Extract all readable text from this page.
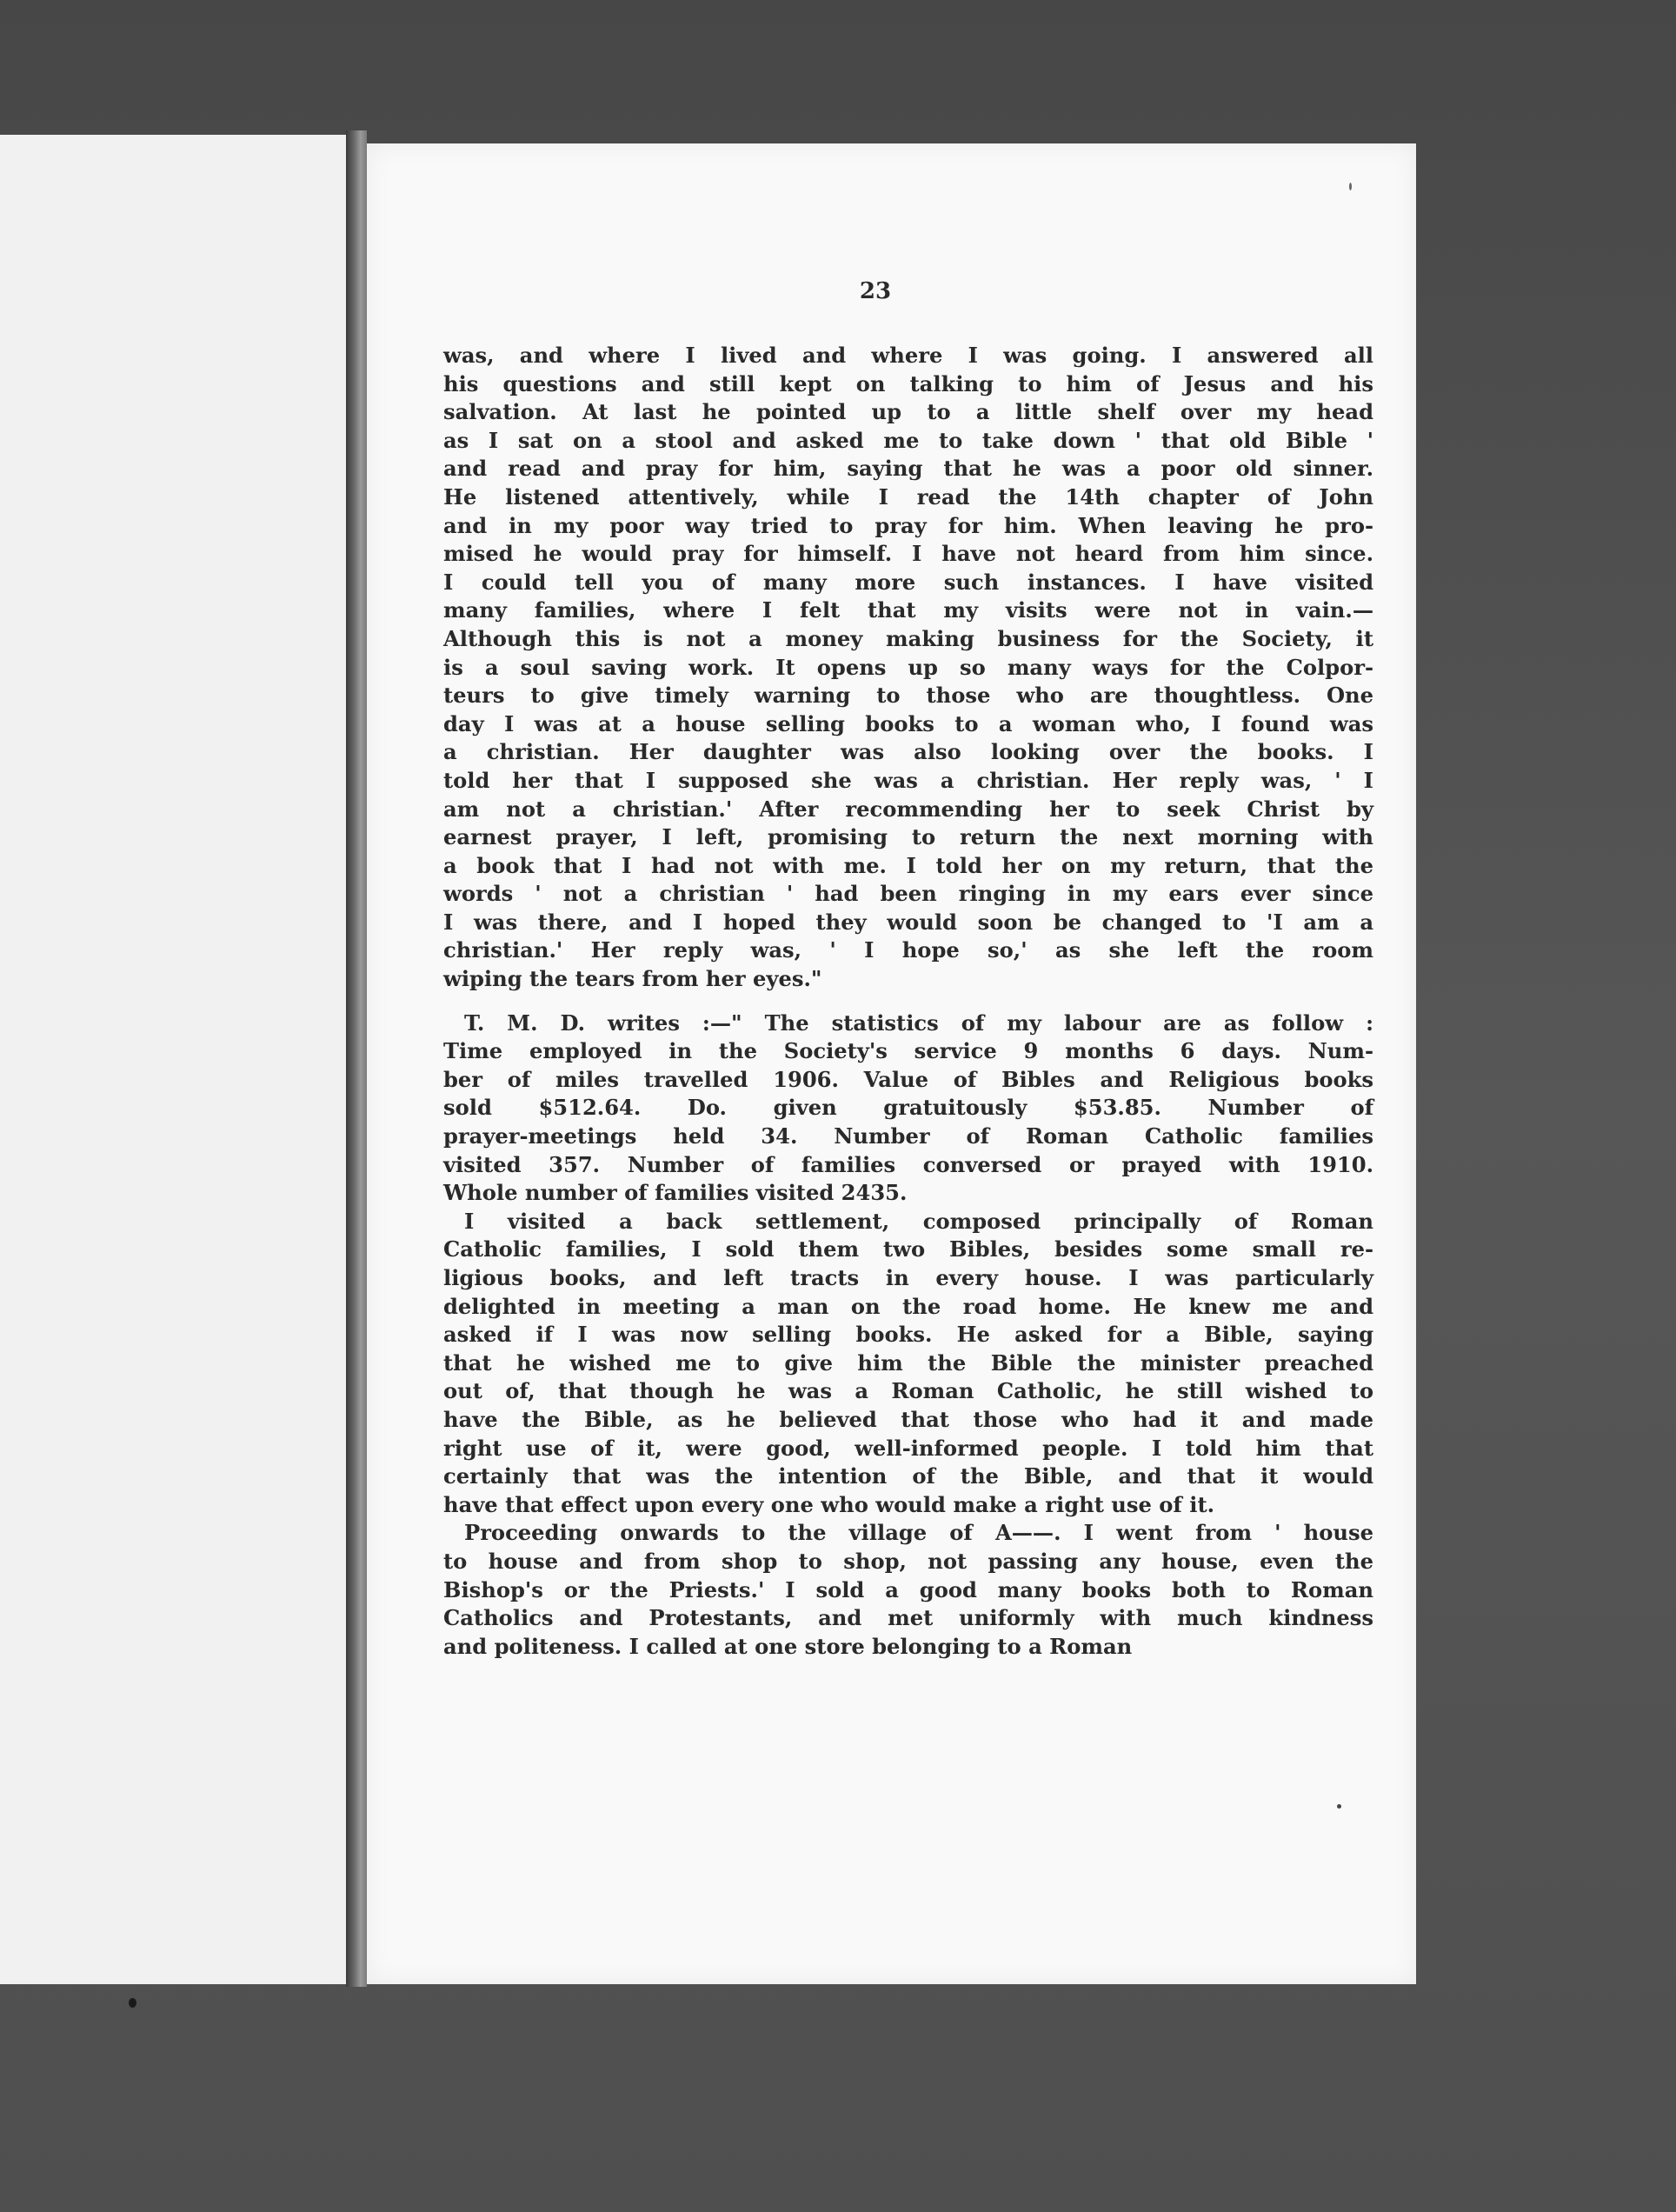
23
was, and where I lived and where I was going. I answered all
his questions and still kept on talking to him of Jesus and his
salvation. At last he pointed up to a little shelf over my head
as I sat on a stool and asked me to take down ' that old Bible '
and read and pray for him, saying that he was a poor old sinner.
He listened attentively, while I read the 14th chapter of John
and in my poor way tried to pray for him. When leaving he pro-
mised he would pray for himself. I have not heard from him since.
I could tell you of many more such instances. I have visited
many families, where I felt that my visits were not in vain.—
Although this is not a money making business for the Society, it
is a soul saving work. It opens up so many ways for the Colpor-
teurs to give timely warning to those who are thoughtless. One
day I was at a house selling books to a woman who, I found was
a christian. Her daughter was also looking over the books. I
told her that I supposed she was a christian. Her reply was, ' I
am not a christian.' After recommending her to seek Christ by
earnest prayer, I left, promising to return the next morning with
a book that I had not with me. I told her on my return, that the
words ' not a christian ' had been ringing in my ears ever since
I was there, and I hoped they would soon be changed to 'I am a
christian.' Her reply was, ' I hope so,' as she left the room
wiping the tears from her eyes."
T. M. D. writes :—" The statistics of my labour are as follow :
Time employed in the Society's service 9 months 6 days. Num-
ber of miles travelled 1906. Value of Bibles and Religious books
sold $512.64. Do. given gratuitously $53.85. Number of
prayer-meetings held 34. Number of Roman Catholic families
visited 357. Number of families conversed or prayed with 1910.
Whole number of families visited 2435.
I visited a back settlement, composed principally of Roman
Catholic families, I sold them two Bibles, besides some small re-
ligious books, and left tracts in every house. I was particularly
delighted in meeting a man on the road home. He knew me and
asked if I was now selling books. He asked for a Bible, saying
that he wished me to give him the Bible the minister preached
out of, that though he was a Roman Catholic, he still wished to
have the Bible, as he believed that those who had it and made
right use of it, were good, well-informed people. I told him that
certainly that was the intention of the Bible, and that it would
have that effect upon every one who would make a right use of it.
Proceeding onwards to the village of A——. I went from ' house
to house and from shop to shop, not passing any house, even the
Bishop's or the Priests.' I sold a good many books both to Roman
Catholics and Protestants, and met uniformly with much kindness
and politeness. I called at one store belonging to a Roman
